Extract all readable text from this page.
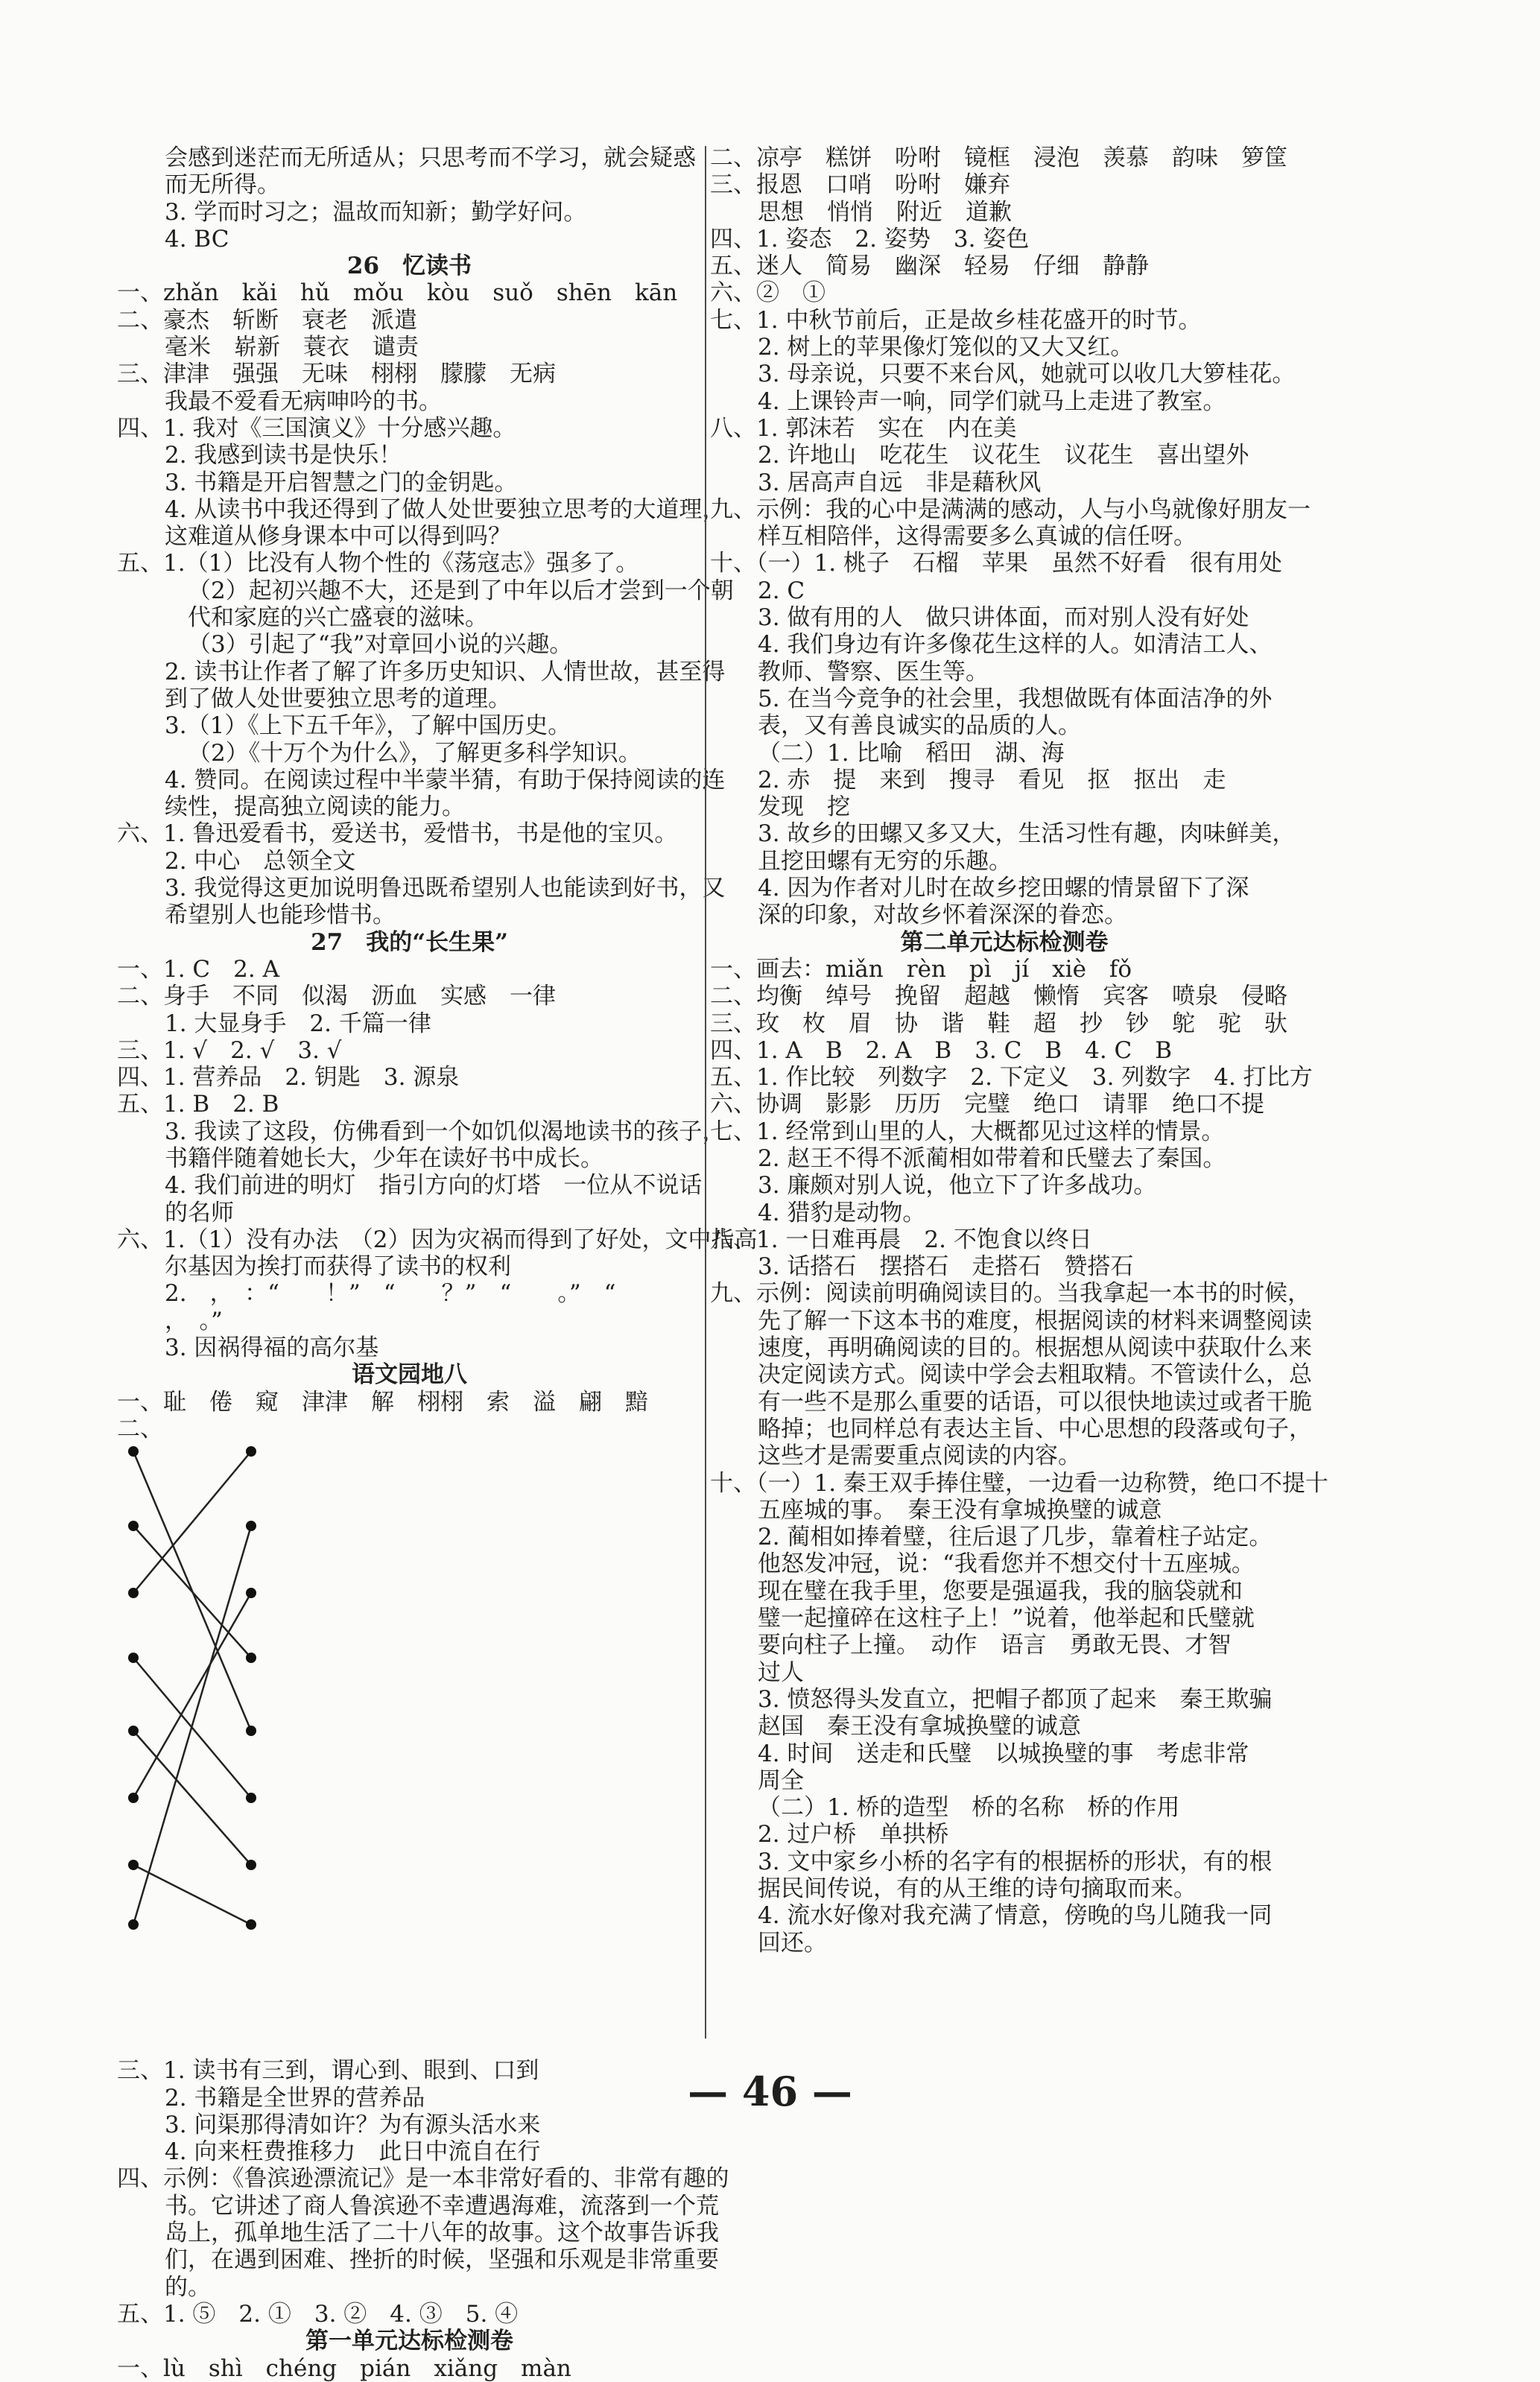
会感到迷茫而无所适从；只思考而不学习，就会疑惑
而无所得。
3. 学而时习之；温故而知新；勤学好问。
4. BC
26　忆读书
一、zhǎn　kǎi　hǔ　mǒu　kòu　suǒ　shēn　kān
二、豪杰　斩断　衰老　派遣
毫米　崭新　蓑衣　谴责
三、津津　强强　无味　栩栩　朦朦　无病
我最不爱看无病呻吟的书。
四、1. 我对《三国演义》十分感兴趣。
2. 我感到读书是快乐！
3. 书籍是开启智慧之门的金钥匙。
4. 从读书中我还得到了做人处世要独立思考的大道理，
这难道从修身课本中可以得到吗？
五、1.（1）比没有人物个性的《荡寇志》强多了。
（2）起初兴趣不大，还是到了中年以后才尝到一个朝
代和家庭的兴亡盛衰的滋味。
（3）引起了“我”对章回小说的兴趣。
2. 读书让作者了解了许多历史知识、人情世故，甚至得
到了做人处世要独立思考的道理。
3.（1）《上下五千年》，了解中国历史。
（2）《十万个为什么》，了解更多科学知识。
4. 赞同。在阅读过程中半蒙半猜，有助于保持阅读的连
续性，提高独立阅读的能力。
六、1. 鲁迅爱看书，爱送书，爱惜书，书是他的宝贝。
2. 中心　总领全文
3. 我觉得这更加说明鲁迅既希望别人也能读到好书，又
希望别人也能珍惜书。
27　我的“长生果”
一、1. C　2. A
二、身手　不同　似渴　沥血　实感　一律
1. 大显身手　2. 千篇一律
三、1. √　2. √　3. √
四、1. 营养品　2. 钥匙　3. 源泉
五、1. B　2. B
3. 我读了这段，仿佛看到一个如饥似渴地读书的孩子，
书籍伴随着她长大，少年在读好书中成长。
4. 我们前进的明灯　指引方向的灯塔　一位从不说话
的名师
六、1.（1）没有办法　（2）因为灾祸而得到了好处，文中指高
尔基因为挨打而获得了读书的权利
2.　，　：“　　！”　“　　？”　“　　。”　“
，　。”
3. 因祸得福的高尔基
语文园地八
一、耻　倦　窥　津津　解　栩栩　索　溢　翩　黯
二、
三、1. 读书有三到，谓心到、眼到、口到
2. 书籍是全世界的营养品
3. 问渠那得清如许？为有源头活水来
4. 向来枉费推移力　此日中流自在行
四、示例：《鲁滨逊漂流记》是一本非常好看的、非常有趣的
书。它讲述了商人鲁滨逊不幸遭遇海难，流落到一个荒
岛上，孤单地生活了二十八年的故事。这个故事告诉我
们，在遇到困难、挫折的时候，坚强和乐观是非常重要
的。
五、1. ⑤　2. ①　3. ②　4. ③　5. ④
第一单元达标检测卷
一、lù　shì　chéng　pián　xiǎng　màn
二、凉亭　糕饼　吩咐　镜框　浸泡　羡慕　韵味　箩筐
三、报恩　口哨　吩咐　嫌弃
思想　悄悄　附近　道歉
四、1. 姿态　2. 姿势　3. 姿色
五、迷人　简易　幽深　轻易　仔细　静静
六、②　①
七、1. 中秋节前后，正是故乡桂花盛开的时节。
2. 树上的苹果像灯笼似的又大又红。
3. 母亲说，只要不来台风，她就可以收几大箩桂花。
4. 上课铃声一响，同学们就马上走进了教室。
八、1. 郭沫若　实在　内在美
2. 许地山　吃花生　议花生　议花生　喜出望外
3. 居高声自远　非是藉秋风
九、示例：我的心中是满满的感动，人与小鸟就像好朋友一
样互相陪伴，这得需要多么真诚的信任呀。
十、（一）1. 桃子　石榴　苹果　虽然不好看　很有用处
2. C
3. 做有用的人　做只讲体面，而对别人没有好处
4. 我们身边有许多像花生这样的人。如清洁工人、
教师、警察、医生等。
5. 在当今竞争的社会里，我想做既有体面洁净的外
表，又有善良诚实的品质的人。
（二）1. 比喻　稻田　湖、海
2. 赤　提　来到　搜寻　看见　抠　抠出　走
发现　挖
3. 故乡的田螺又多又大，生活习性有趣，肉味鲜美，
且挖田螺有无穷的乐趣。
4. 因为作者对儿时在故乡挖田螺的情景留下了深
深的印象，对故乡怀着深深的眷恋。
第二单元达标检测卷
一、画去：miǎn　rèn　pì　jí　xiè　fǒ
二、均衡　绰号　挽留　超越　懒惰　宾客　喷泉　侵略
三、玫　枚　眉　协　谐　鞋　超　抄　钞　鸵　驼　驮
四、1. A　B　2. A　B　3. C　B　4. C　B
五、1. 作比较　列数字　2. 下定义　3. 列数字　4. 打比方
六、协调　影影　历历　完璧　绝口　请罪　绝口不提
七、1. 经常到山里的人，大概都见过这样的情景。
2. 赵王不得不派蔺相如带着和氏璧去了秦国。
3. 廉颇对别人说，他立下了许多战功。
4. 猎豹是动物。
八、1. 一日难再晨　2. 不饱食以终日
3. 话搭石　摆搭石　走搭石　赞搭石
九、示例：阅读前明确阅读目的。当我拿起一本书的时候，
先了解一下这本书的难度，根据阅读的材料来调整阅读
速度，再明确阅读的目的。根据想从阅读中获取什么来
决定阅读方式。阅读中学会去粗取精。不管读什么，总
有一些不是那么重要的话语，可以很快地读过或者干脆
略掉；也同样总有表达主旨、中心思想的段落或句子，
这些才是需要重点阅读的内容。
十、（一）1. 秦王双手捧住璧，一边看一边称赞，绝口不提十
五座城的事。　秦王没有拿城换璧的诚意
2. 蔺相如捧着璧，往后退了几步，靠着柱子站定。
他怒发冲冠，说：“我看您并不想交付十五座城。
现在璧在我手里，您要是强逼我，我的脑袋就和
璧一起撞碎在这柱子上！”说着，他举起和氏璧就
要向柱子上撞。　动作　语言　勇敢无畏、才智
过人
3. 愤怒得头发直立，把帽子都顶了起来　秦王欺骗
赵国　秦王没有拿城换璧的诚意
4. 时间　送走和氏璧　以城换璧的事　考虑非常
周全
（二）1. 桥的造型　桥的名称　桥的作用
2. 过户桥　单拱桥
3. 文中家乡小桥的名字有的根据桥的形状，有的根
据民间传说，有的从王维的诗句摘取而来。
4. 流水好像对我充满了情意，傍晚的鸟儿随我一同
回还。
— 46 —
